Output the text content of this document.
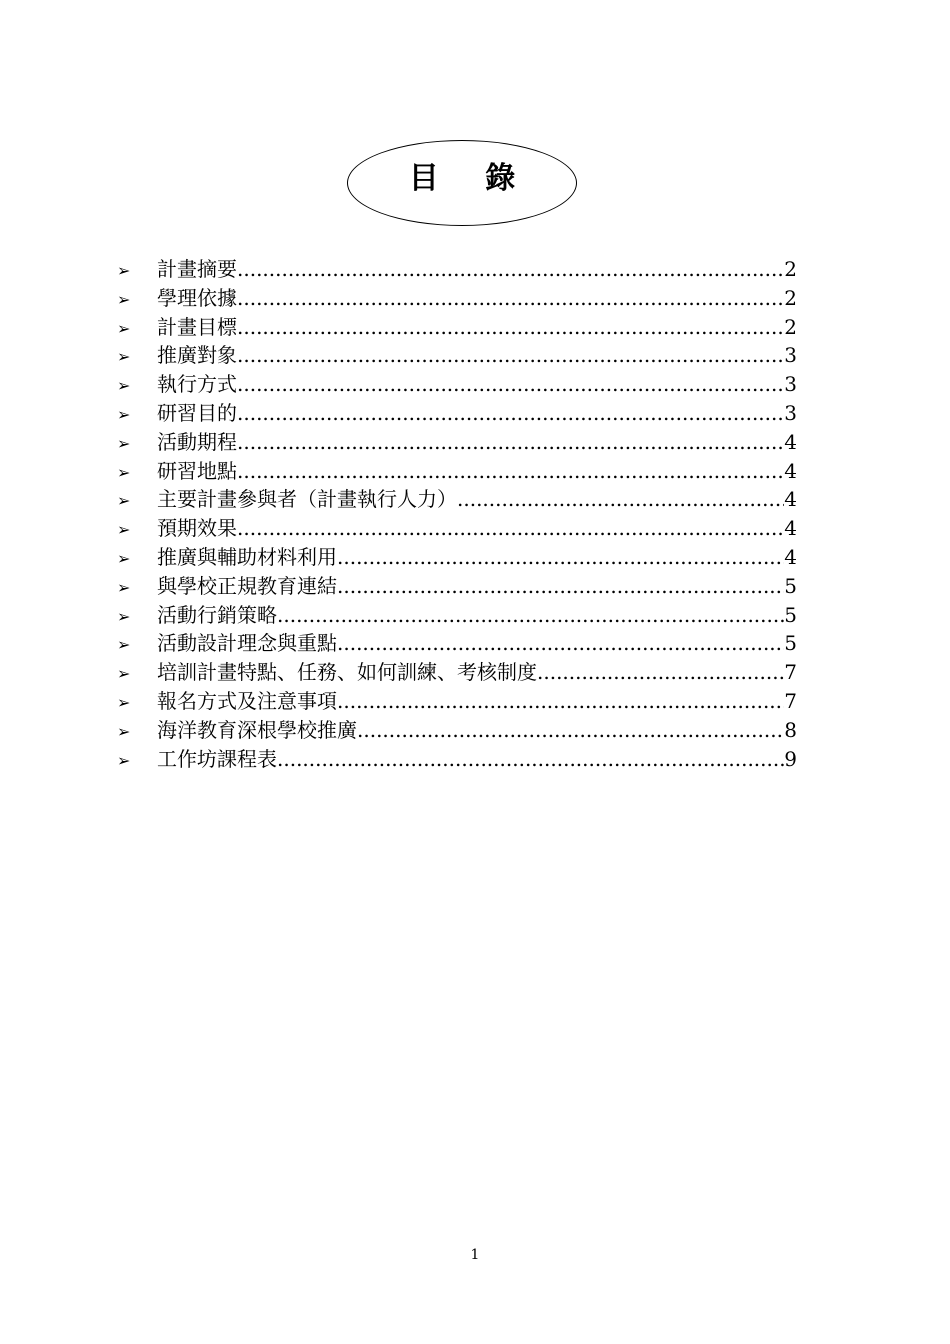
目 錄
➢	計畫摘要 .....	2
➢	學理依據 .....	2
➢	計畫目標 .....	2
➢	推廣對象 .....	3
➢	執行方式 .....	3
➢	研習目的 .....	3
➢	活動期程 .....	4
➢	研習地點 .....	4
➢	主要計畫參與者（計畫執行人力） .....	4
➢	預期效果 .....	4
➢	推廣與輔助材料利用 .....	4
➢	與學校正規教育連結 .....	5
➢	活動行銷策略 .....	5
➢	活動設計理念與重點 .....	5
➢	培訓計畫特點、任務、如何訓練、考核制度 .....	7
➢	報名方式及注意事項 .....	7
➢	海洋教育深根學校推廣 .....	8
➢	工作坊課程表 .....	9
1
